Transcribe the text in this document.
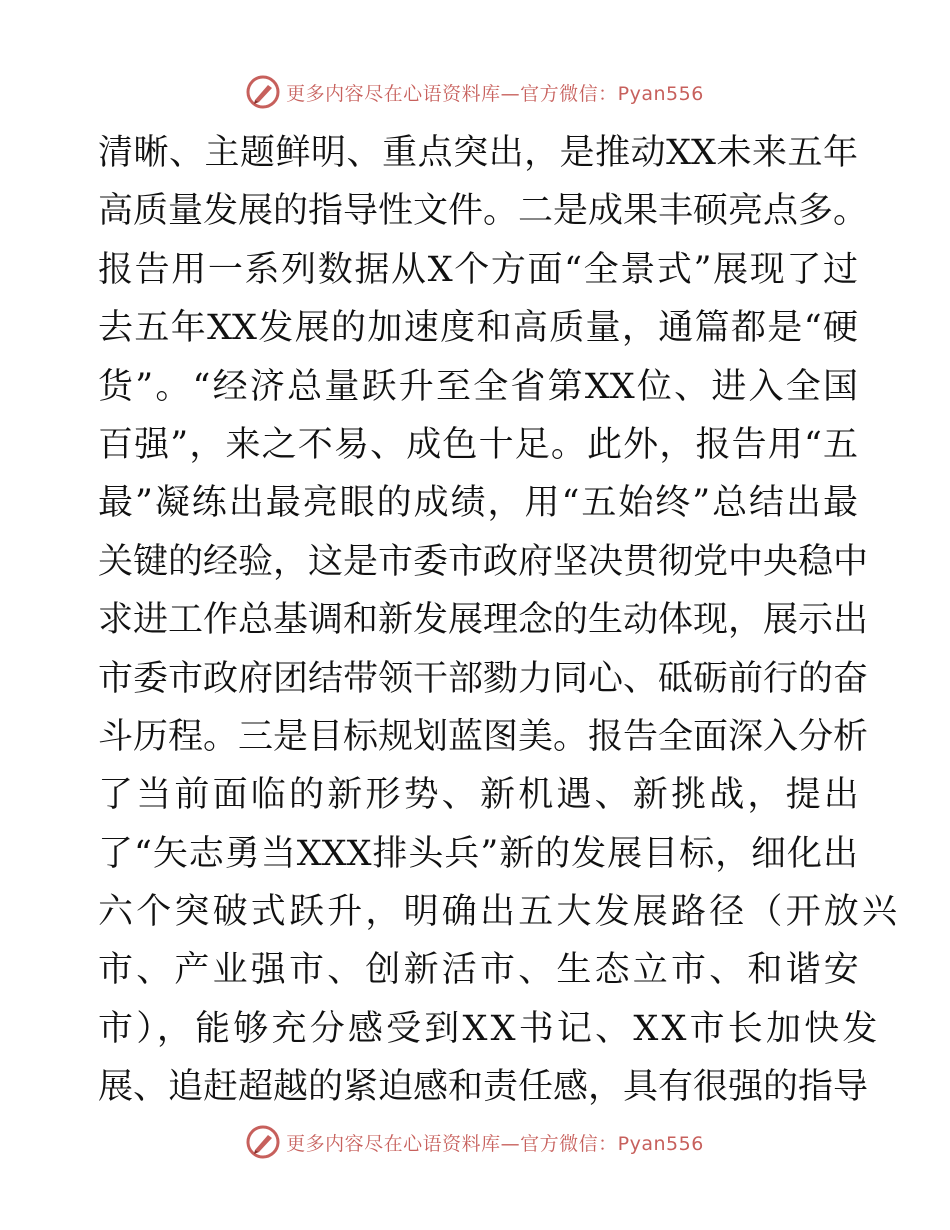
更多内容尽在心语资料库—官方微信：Pyan556
清晰、主题鲜明、重点突出，是推动XX未来五年
高质量发展的指导性文件。二是成果丰硕亮点多。
报告用一系列数据从X个方面“全景式”展现了过
去五年XX发展的加速度和高质量，通篇都是“硬
货”。“经济总量跃升至全省第XX位、进入全国
百强”，来之不易、成色十足。此外，报告用“五
最”凝练出最亮眼的成绩，用“五始终”总结出最
关键的经验，这是市委市政府坚决贯彻党中央稳中
求进工作总基调和新发展理念的生动体现，展示出
市委市政府团结带领干部勠力同心、砥砺前行的奋
斗历程。三是目标规划蓝图美。报告全面深入分析
了当前面临的新形势、新机遇、新挑战，提出
了“矢志勇当XXX排头兵”新的发展目标，细化出
六个突破式跃升，明确出五大发展路径（开放兴
市、产业强市、创新活市、生态立市、和谐安
市），能够充分感受到XX书记、XX市长加快发
展、追赶超越的紧迫感和责任感，具有很强的指导
更多内容尽在心语资料库—官方微信：Pyan556
